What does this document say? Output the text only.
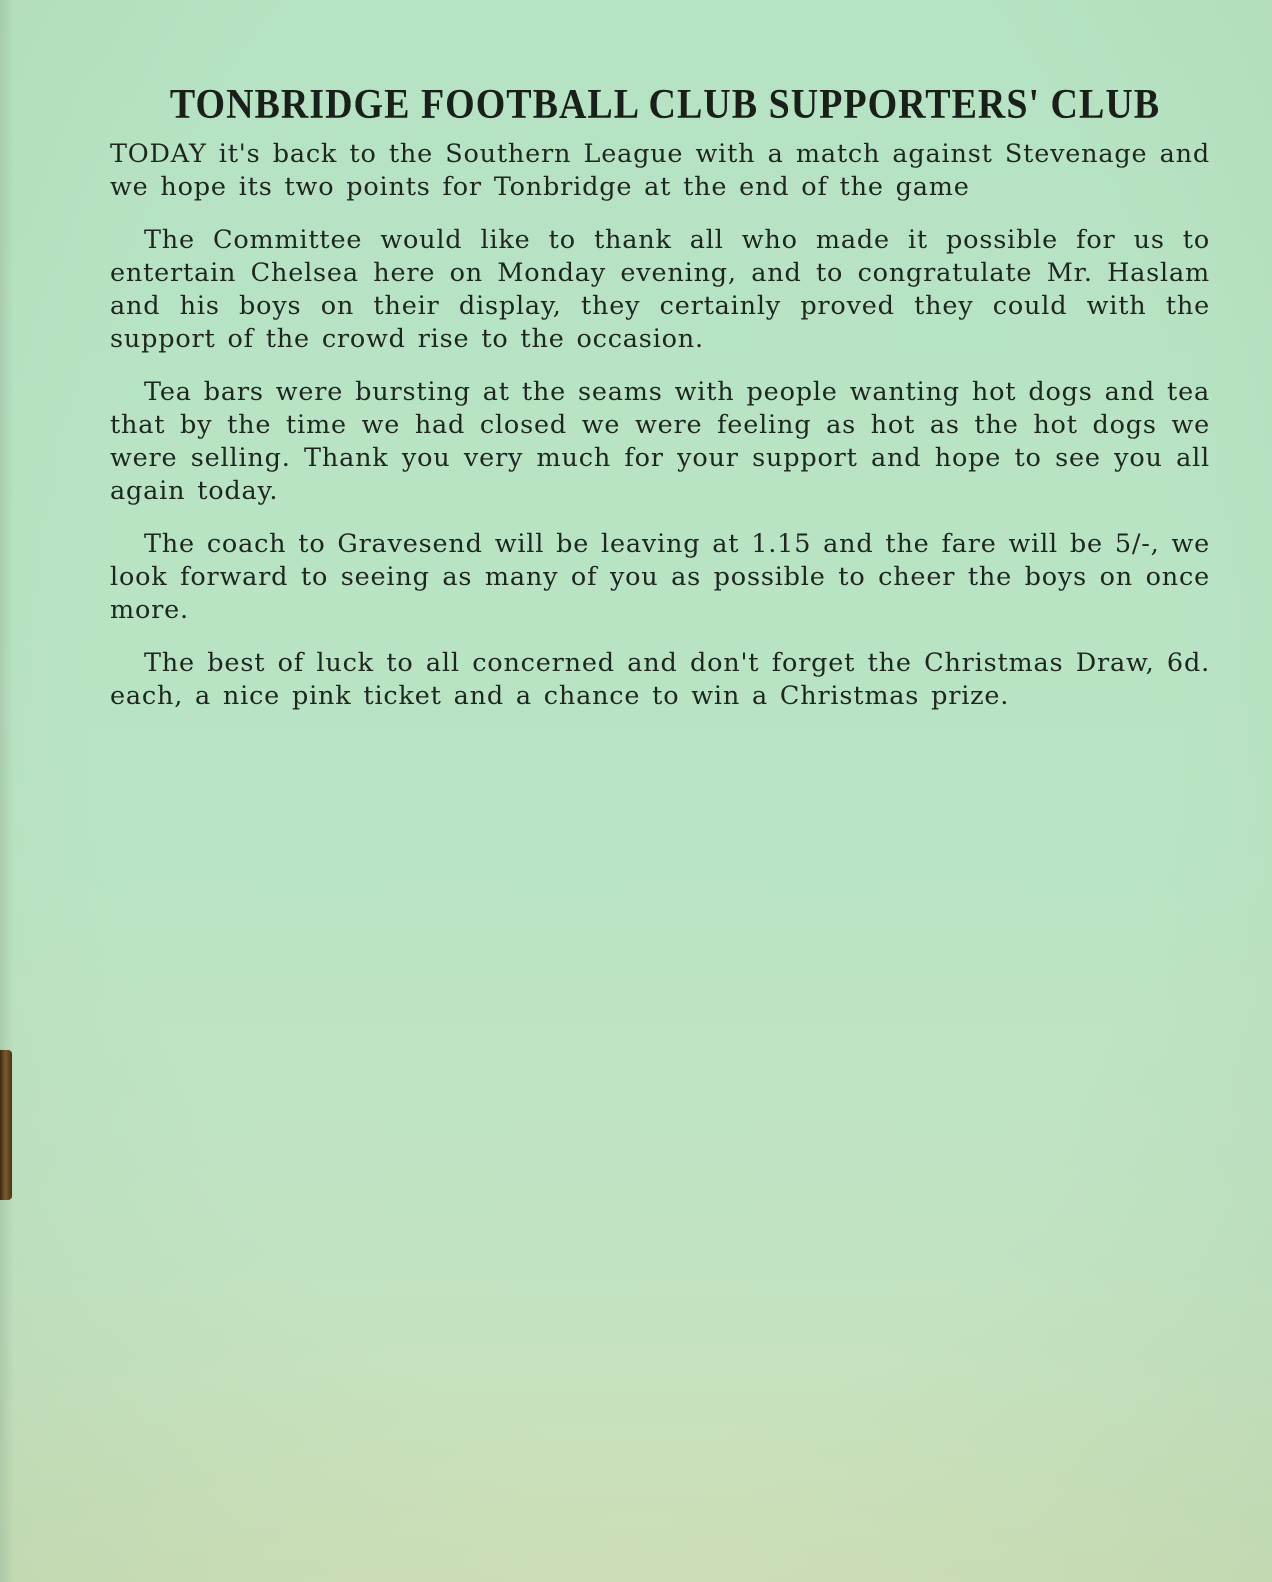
TONBRIDGE FOOTBALL CLUB SUPPORTERS' CLUB

TODAY it's back to the Southern League with a match against Stevenage and we hope its two points for Tonbridge at the end of the game

The Committee would like to thank all who made it possible for us to entertain Chelsea here on Monday evening, and to congratulate Mr. Haslam and his boys on their display, they certainly proved they could with the support of the crowd rise to the occasion.

Tea bars were bursting at the seams with people wanting hot dogs and tea that by the time we had closed we were feeling as hot as the hot dogs we were selling. Thank you very much for your support and hope to see you all again today.

The coach to Gravesend will be leaving at 1.15 and the fare will be 5/-, we look forward to seeing as many of you as possible to cheer the boys on once more.

The best of luck to all concerned and don't forget the Christmas Draw, 6d. each, a nice pink ticket and a chance to win a Christmas prize.
